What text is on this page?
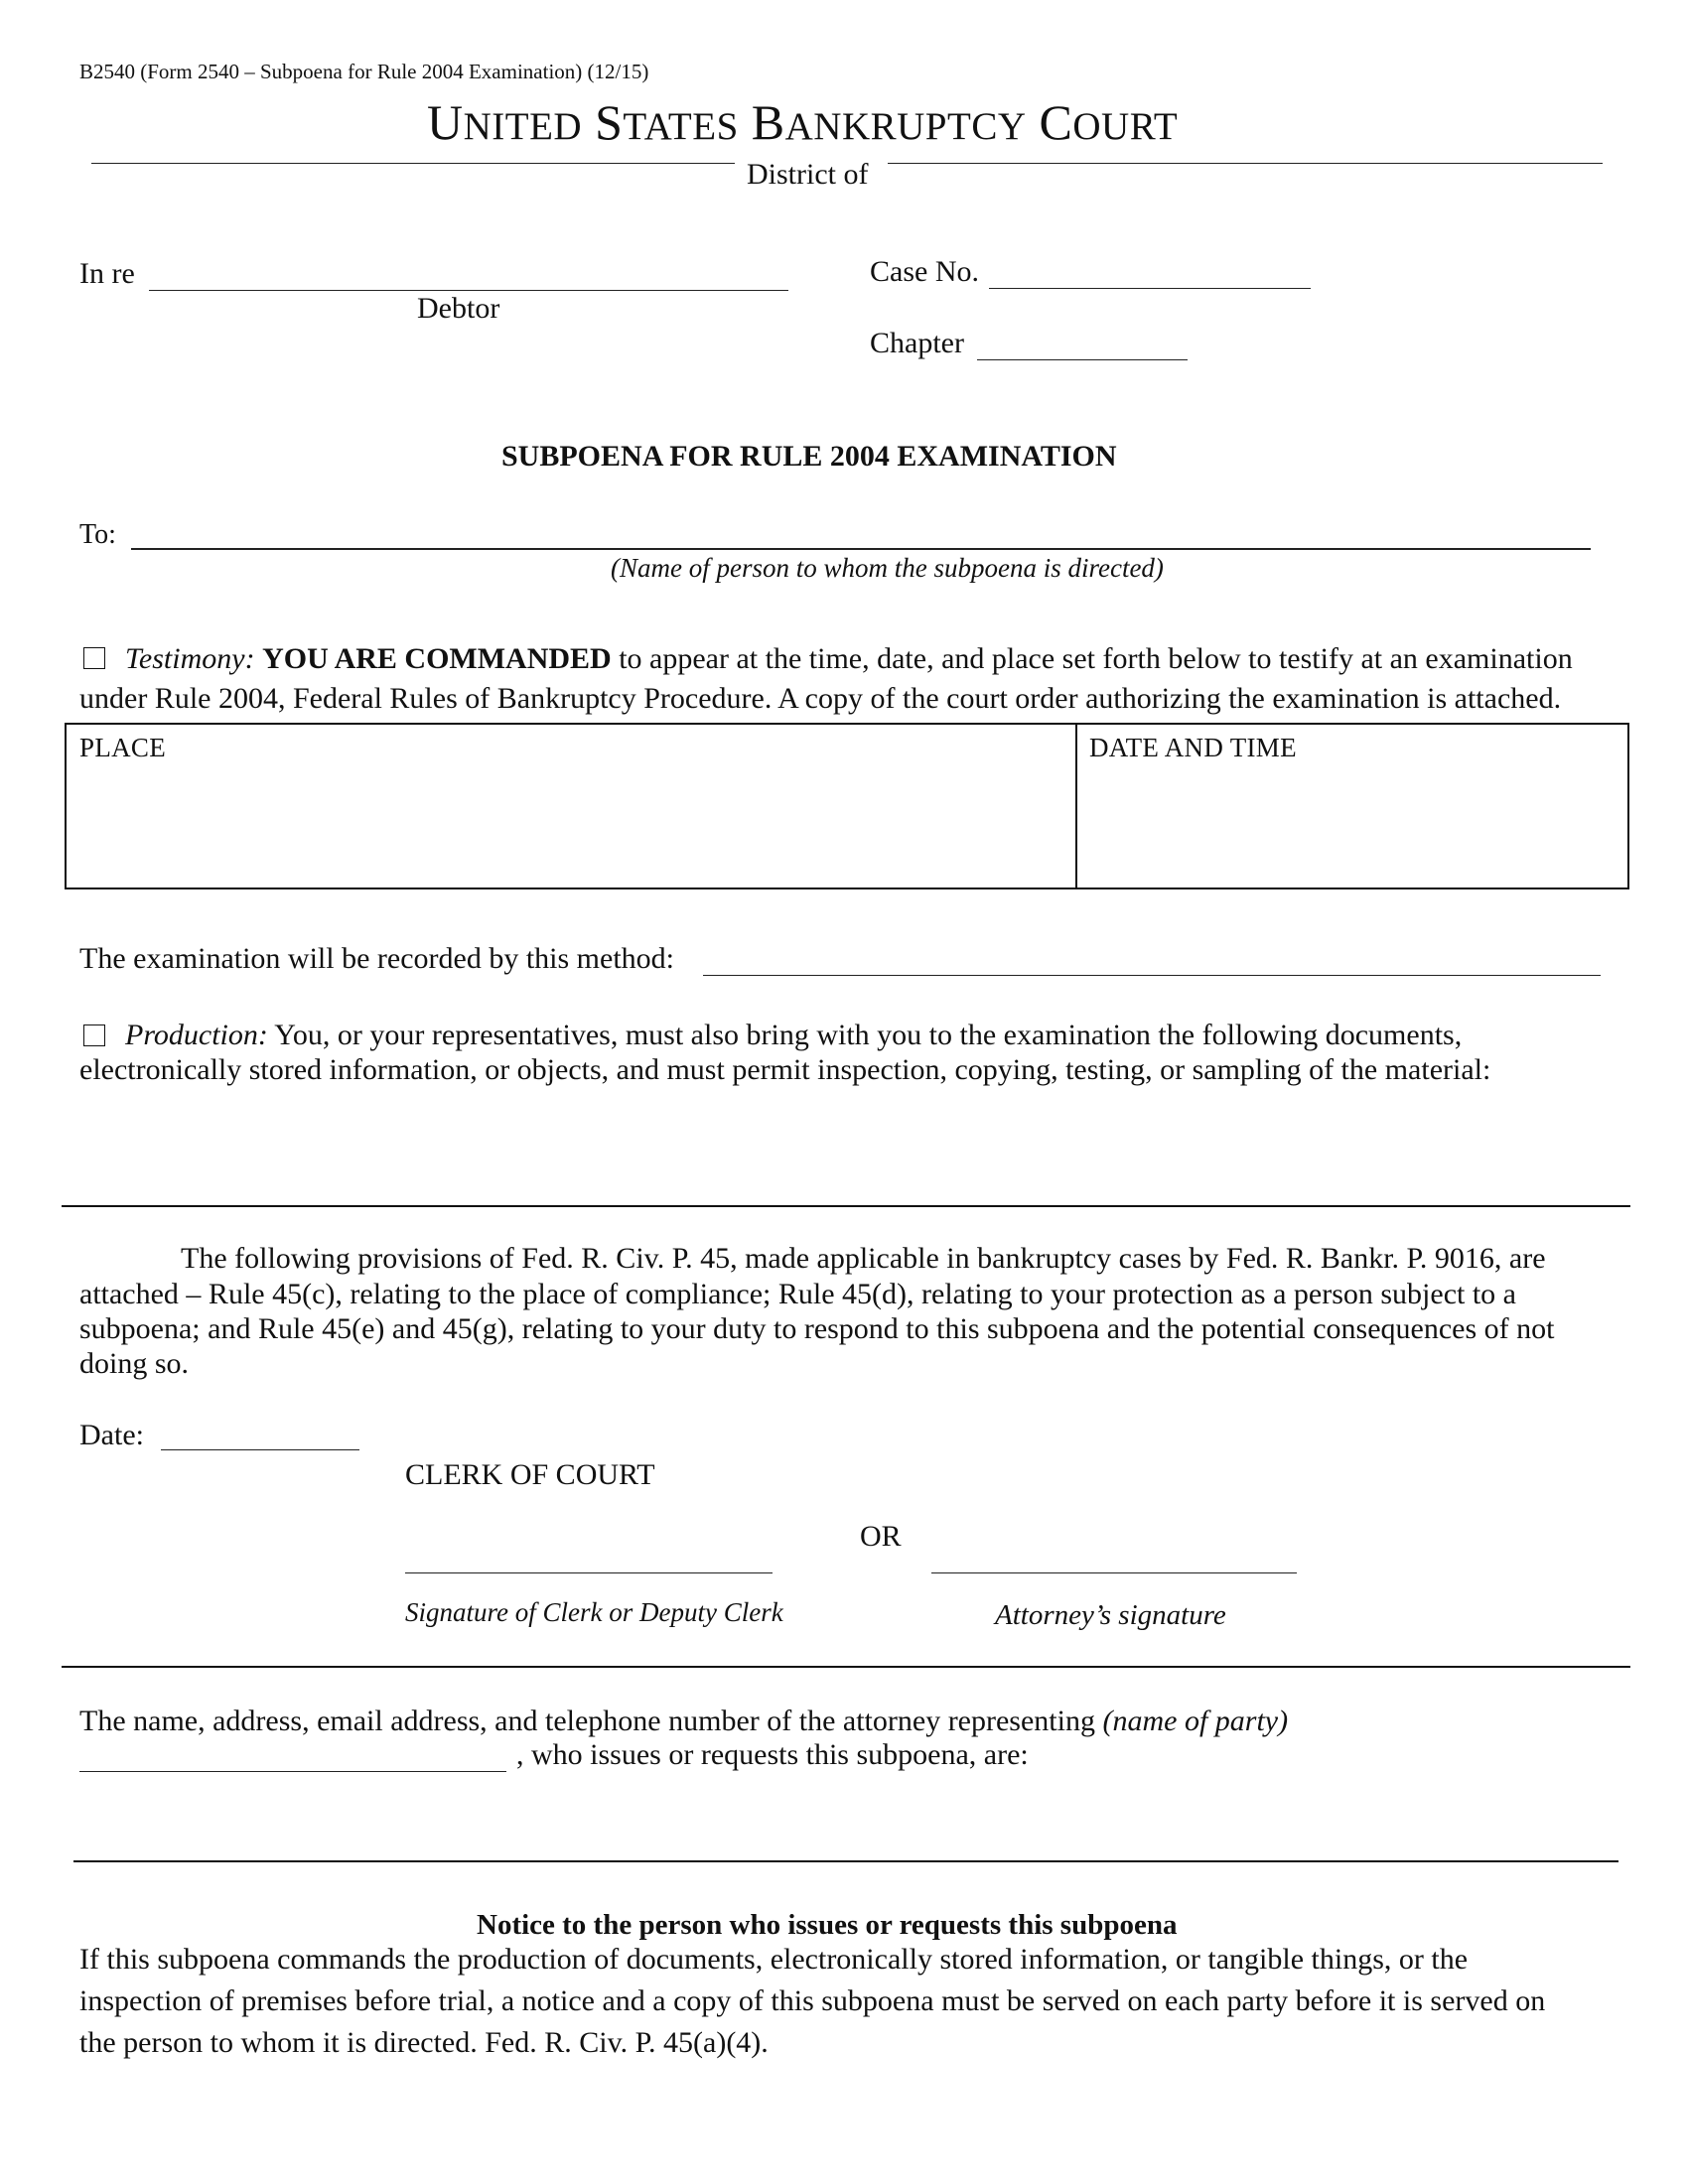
B2540 (Form 2540 – Subpoena for Rule 2004 Examination) (12/15)
UNITED STATES BANKRUPTCY COURT
District of
In re
Debtor
Case No.
Chapter
SUBPOENA FOR RULE 2004 EXAMINATION
To:
(Name of person to whom the subpoena is directed)
Testimony: YOU ARE COMMANDED to appear at the time, date, and place set forth below to testify at an examination
under Rule 2004, Federal Rules of Bankruptcy Procedure. A copy of the court order authorizing the examination is attached.
PLACE	DATE AND TIME
The examination will be recorded by this method:
Production: You, or your representatives, must also bring with you to the examination the following documents,
electronically stored information, or objects, and must permit inspection, copying, testing, or sampling of the material:
The following provisions of Fed. R. Civ. P. 45, made applicable in bankruptcy cases by Fed. R. Bankr. P. 9016, are
attached – Rule 45(c), relating to the place of compliance; Rule 45(d), relating to your protection as a person subject to a
subpoena; and Rule 45(e) and 45(g), relating to your duty to respond to this subpoena and the potential consequences of not
doing so.
Date:
CLERK OF COURT
OR
Signature of Clerk or Deputy Clerk	Attorney’s signature
The name, address, email address, and telephone number of the attorney representing (name of party)
, who issues or requests this subpoena, are:
Notice to the person who issues or requests this subpoena
If this subpoena commands the production of documents, electronically stored information, or tangible things, or the
inspection of premises before trial, a notice and a copy of this subpoena must be served on each party before it is served on
the person to whom it is directed. Fed. R. Civ. P. 45(a)(4).
